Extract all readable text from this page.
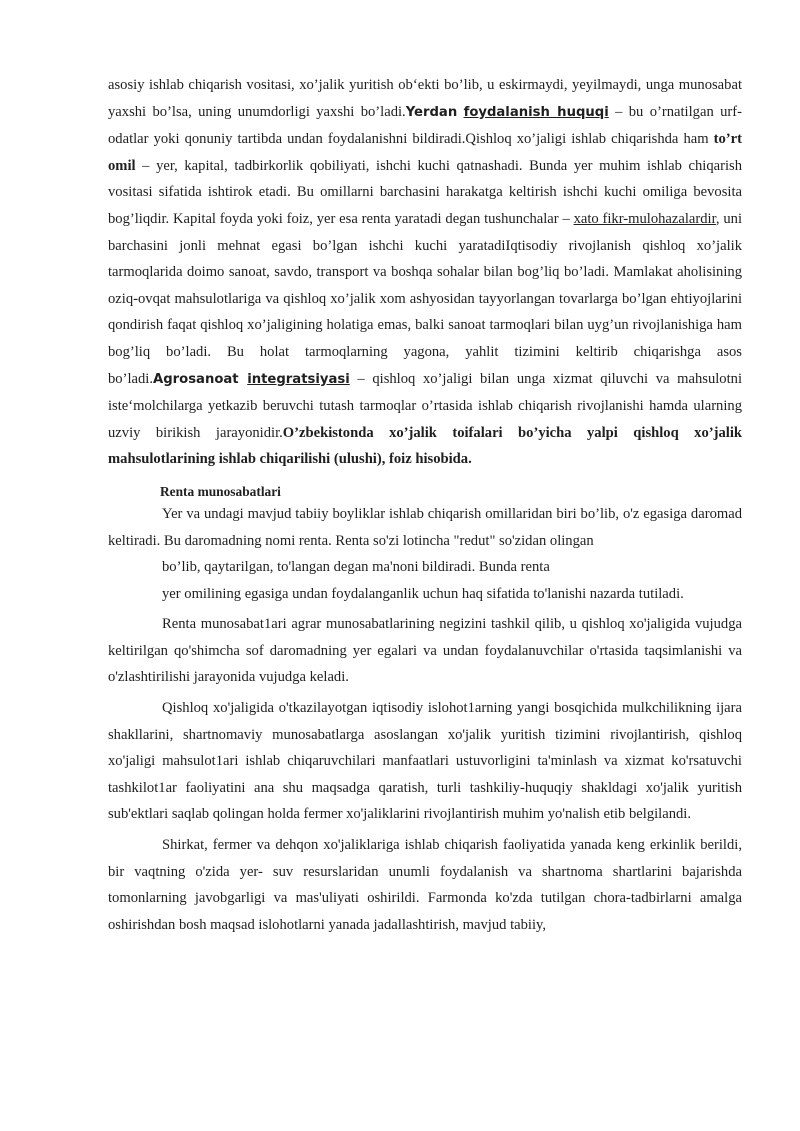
asosiy ishlab chiqarish vositasi, xo’jalik yuritish ob‘ekti bo’lib, u eskirmaydi, yeyilmaydi, unga munosabat yaxshi bo’lsa, uning unumdorligi yaxshi bo’ladi.Yerdan foydalanish huquqi – bu o’rnatilgan urf-odatlar yoki qonuniy tartibda undan foydalanishni bildiradi.Qishloq xo’jaligi ishlab chiqarishda ham to’rt omil – yer, kapital, tadbirkorlik qobiliyati, ishchi kuchi qatnashadi. Bunda yer muhim ishlab chiqarish vositasi sifatida ishtirok etadi. Bu omillarni barchasini harakatga keltirish ishchi kuchi omiliga bevosita bog’liqdir. Kapital foyda yoki foiz, yer esa renta yaratadi degan tushunchalar – xato fikr-mulohazalardir, uni barchasini jonli mehnat egasi bo’lgan ishchi kuchi yaratadiIqtisodiy rivojlanish qishloq xo’jalik tarmoqlarida doimo sanoat, savdo, transport va boshqa sohalar bilan bog’liq bo’ladi. Mamlakat aholisining oziq-ovqat mahsulotlariga va qishloq xo’jalik xom ashyosidan tayyorlangan tovarlarga bo’lgan ehtiyojlarini qondirish faqat qishloq xo’jaligining holatiga emas, balki sanoat tarmoqlari bilan uyg’un rivojlanishiga ham bog’liq bo’ladi. Bu holat tarmoqlarning yagona, yahlit tizimini keltirib chiqarishga asos bo’ladi.Agrosanoat integratsiyasi – qishloq xo’jaligi bilan unga xizmat qiluvchi va mahsulotni iste‘molchilarga yetkazib beruvchi tutash tarmoqlar o’rtasida ishlab chiqarish rivojlanishi hamda ularning uzviy birikish jarayonidir.O’zbekistonda xo’jalik toifalari bo’yicha yalpi qishloq xo’jalik mahsulotlarining ishlab chiqarilishi (ulushi), foiz hisobida.

Renta munosabatlari

Yer va undagi mavjud tabiiy boyliklar ishlab chiqarish omillaridan biri bo’lib, o'z egasiga daromad keltiradi. Bu daromadning nomi renta. Renta so'zi lotincha "redut" so'zidan olingan

bo’lib, qaytarilgan, to'langan degan ma'noni bildiradi. Bunda renta

yer omilining egasiga undan foydalanganlik uchun haq sifatida to'lanishi nazarda tutiladi.

Renta munosabat1ari agrar munosabatlarining negizini tashkil qilib, u qishloq xo'jaligida vujudga keltirilgan qo'shimcha sof daromadning yer egalari va undan foydalanuvchilar o'rtasida taqsimlanishi va o'zlashtirilishi jarayonida vujudga keladi.

Qishloq xo'jaligida o'tkazilayotgan iqtisodiy islohot1arning yangi bosqichida mulkchilikning ijara shakllarini, shartnomaviy munosabatlarga asoslangan xo'jalik yuritish tizimini rivojlantirish, qishloq xo'jaligi mahsulot1ari ishlab chiqaruvchilari manfaatlari ustuvorligini ta'minlash va xizmat ko'rsatuvchi tashkilot1ar faoliyatini ana shu maqsadga qaratish, turli tashkiliy-huquqiy shakldagi xo'jalik yuritish sub'ektlari saqlab qolingan holda fermer xo'jaliklarini rivojlantirish muhim yo'nalish etib belgilandi.

Shirkat, fermer va dehqon xo'jaliklariga ishlab chiqarish faoliyatida yanada keng erkinlik berildi, bir vaqtning o'zida yer- suv resurslaridan unumli foydalanish va shartnoma shartlarini bajarishda tomonlarning javobgarligi va mas'uliyati oshirildi. Farmonda ko'zda tutilgan chora-tadbirlarni amalga oshirishdan bosh maqsad islohotlarni yanada jadallashtirish, mavjud tabiiy,
